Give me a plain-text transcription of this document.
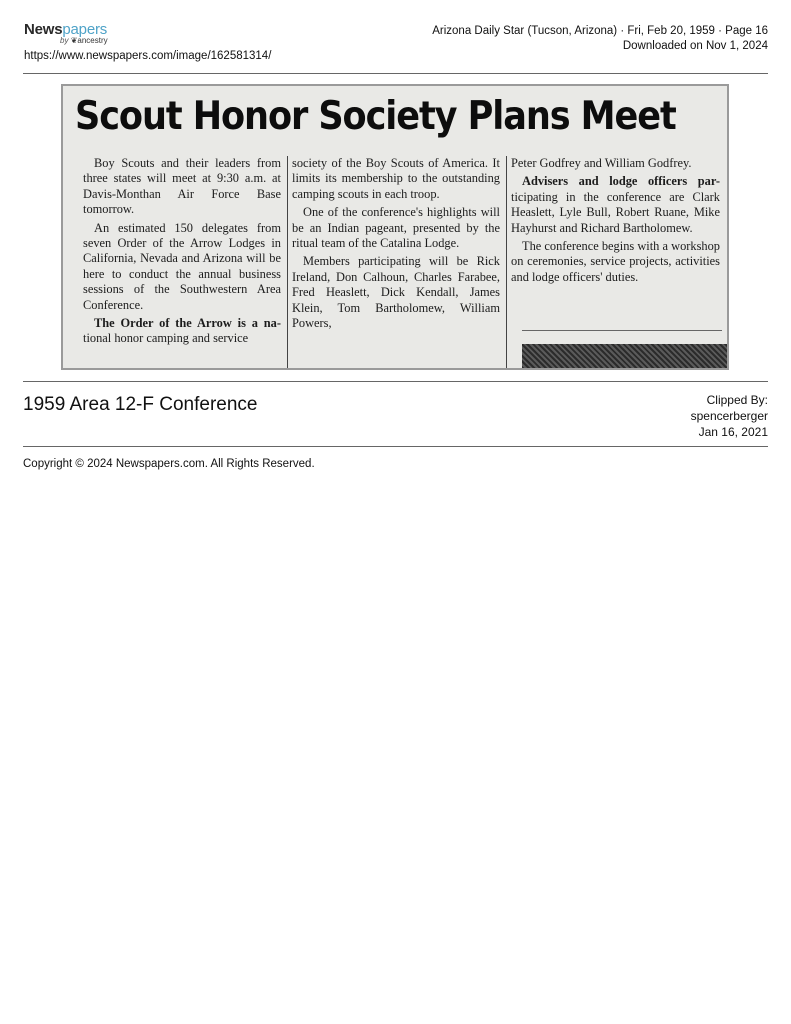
Newspapers
by ❦ancestry
https://www.newspapers.com/image/162581314/
Arizona Daily Star (Tucson, Arizona) · Fri, Feb 20, 1959 · Page 16
Downloaded on Nov 1, 2024
Scout Honor Society Plans Meet

Boy Scouts and their leaders from three states will meet at 9:30 a.m. at Davis-Monthan Air Force Base tomorrow.

An estimated 150 delegates from seven Order of the Arrow Lodges in California, Nevada and Arizona will be here to conduct the annual business sessions of the Southwestern Area Conference.

The Order of the Arrow is a na- tional honor camping and service

society of the Boy Scouts of America. It limits its membership to the outstanding camping scouts in each troop.

One of the conference's highlights will be an Indian pageant, presented by the ritual team of the Catalina Lodge.

Members participating will be Rick Ireland, Don Calhoun, Charles Farabee, Fred Heaslett, Dick Kendall, James Klein, Tom Bartholomew, William Powers,

Peter Godfrey and William Godfrey.

Advisers and lodge officers par- ticipating in the conference are Clark Heaslett, Lyle Bull, Robert Ruane, Mike Hayhurst and Richard Bartholomew.

The conference begins with a workshop on ceremonies, service projects, activities and lodge officers' duties.

1959 Area 12-F Conference	Clipped By:
spencerberger
Jan 16, 2021
Copyright © 2024 Newspapers.com. All Rights Reserved.
